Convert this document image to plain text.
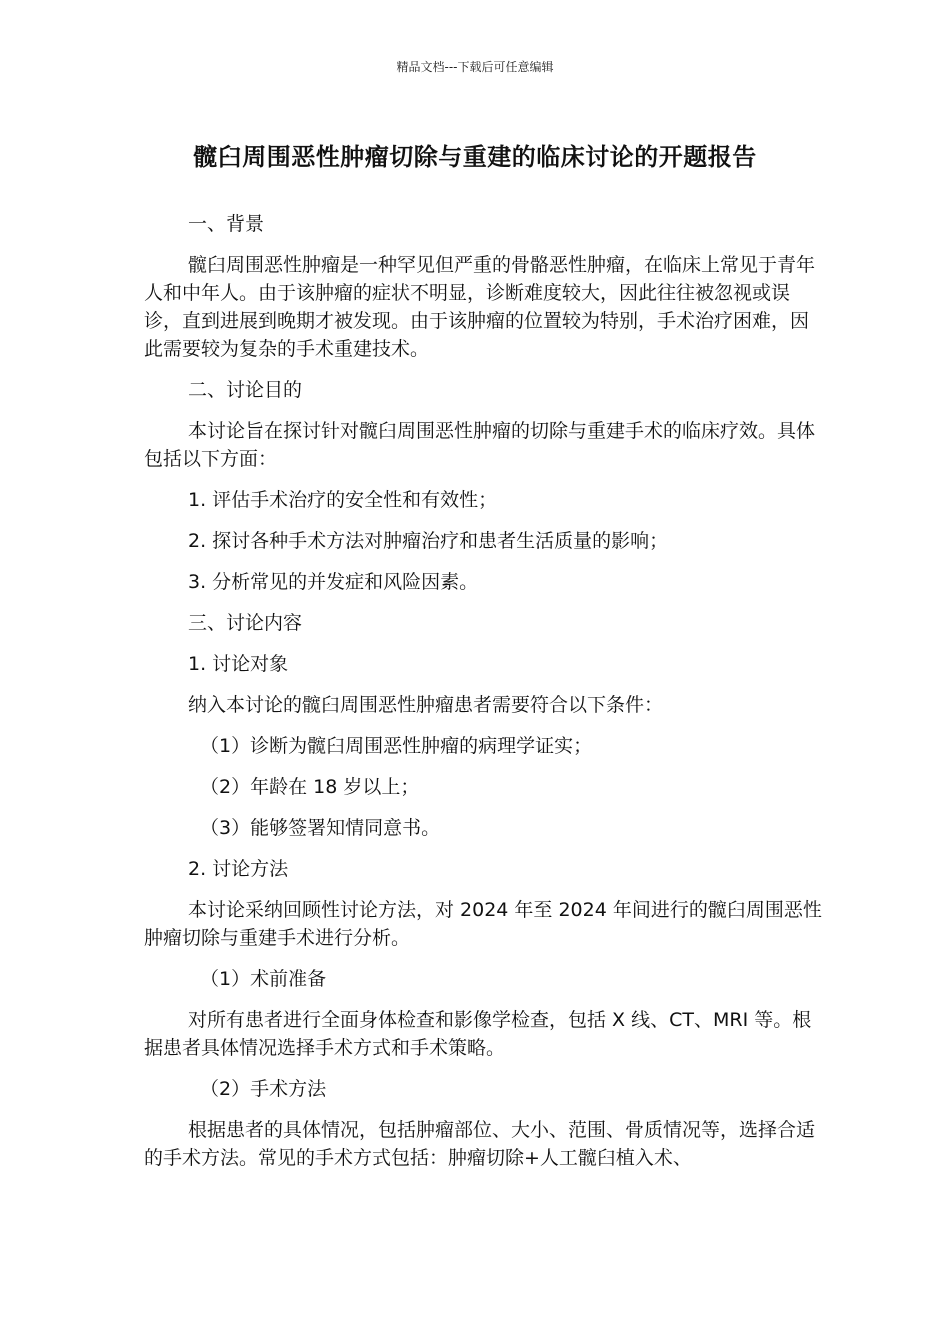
精品文档---下载后可任意编辑
髋臼周围恶性肿瘤切除与重建的临床讨论的开题报告

一、背景

髋臼周围恶性肿瘤是一种罕见但严重的骨骼恶性肿瘤，在临床上常见于青年人和中年人。由于该肿瘤的症状不明显，诊断难度较大，因此往往被忽视或误诊，直到进展到晚期才被发现。由于该肿瘤的位置较为特别，手术治疗困难，因此需要较为复杂的手术重建技术。

二、讨论目的

本讨论旨在探讨针对髋臼周围恶性肿瘤的切除与重建手术的临床疗效。具体包括以下方面：

1. 评估手术治疗的安全性和有效性；

2. 探讨各种手术方法对肿瘤治疗和患者生活质量的影响；

3. 分析常见的并发症和风险因素。

三、讨论内容

1. 讨论对象

纳入本讨论的髋臼周围恶性肿瘤患者需要符合以下条件：

（1）诊断为髋臼周围恶性肿瘤的病理学证实；

（2）年龄在 18 岁以上；

（3）能够签署知情同意书。

2. 讨论方法

本讨论采纳回顾性讨论方法，对 2024 年至 2024 年间进行的髋臼周围恶性肿瘤切除与重建手术进行分析。

（1）术前准备

对所有患者进行全面身体检查和影像学检查，包括 X 线、CT、MRI 等。根据患者具体情况选择手术方式和手术策略。

（2）手术方法

根据患者的具体情况，包括肿瘤部位、大小、范围、骨质情况等，选择合适的手术方法。常见的手术方式包括：肿瘤切除+人工髋臼植入术、
